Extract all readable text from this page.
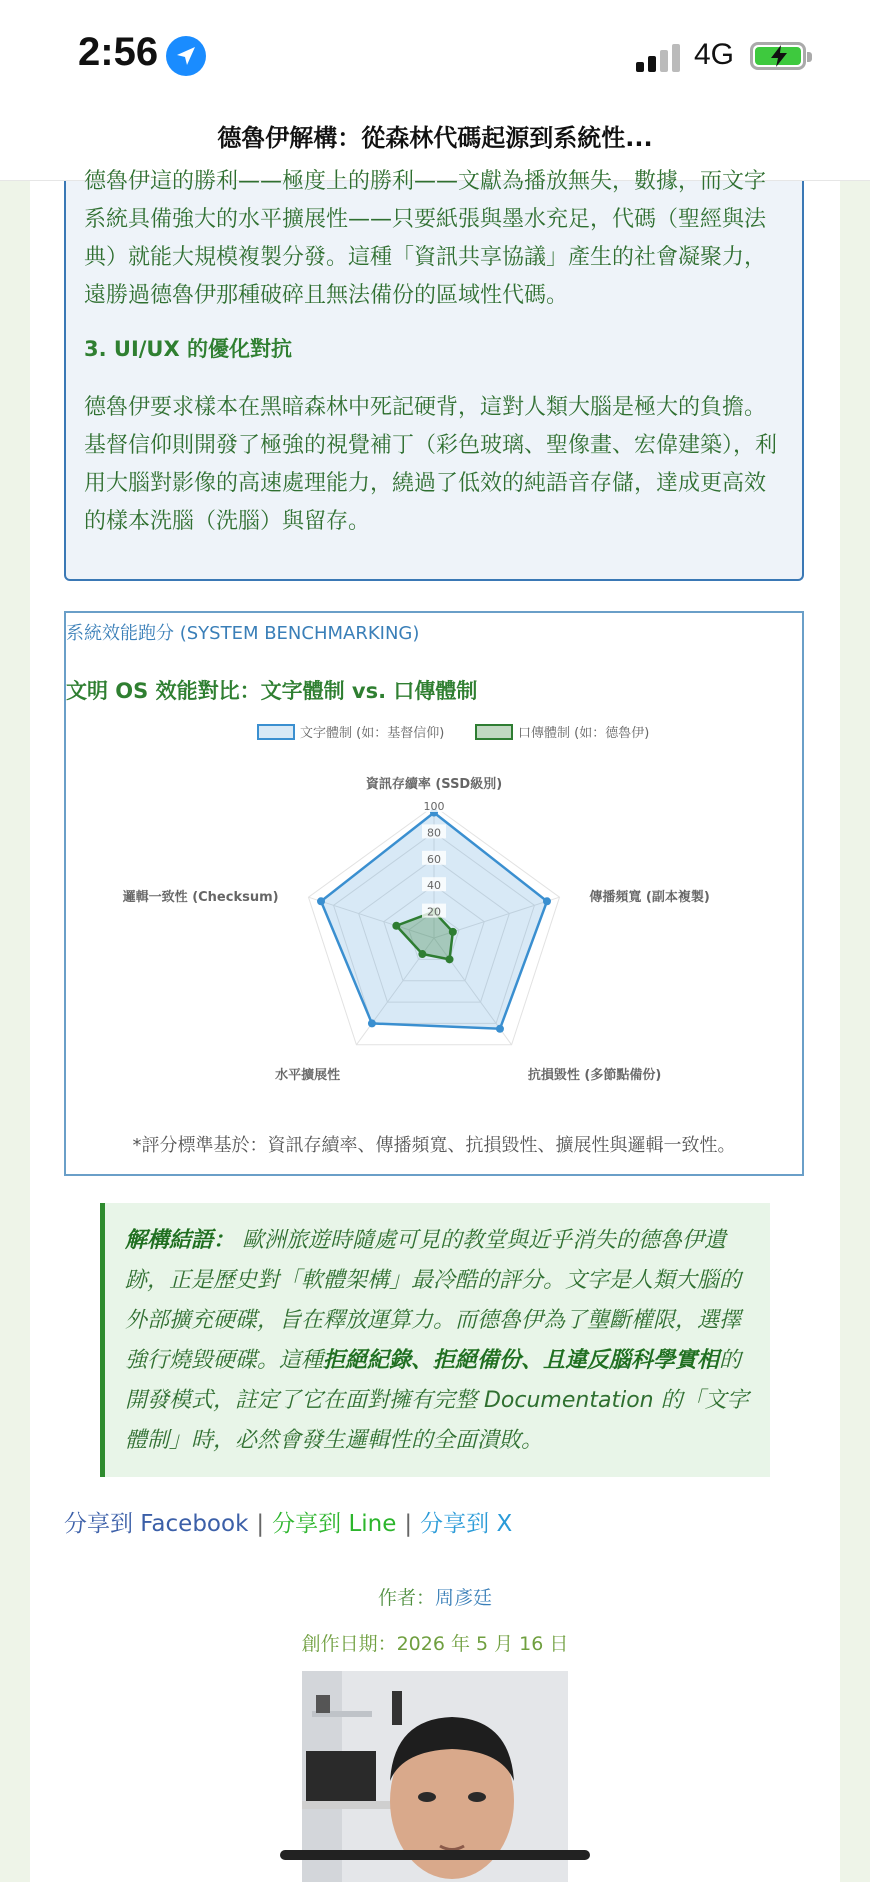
2:56	4G
德魯伊解構：從森林代碼起源到系統性...

德魯伊這的勝利——極度上的勝利——文獻為播放無失，數據，而文字系統具備強大的水平擴展性——只要紙張與墨水充足，代碼（聖經與法典）就能大規模複製分發。這種「資訊共享協議」產生的社會凝聚力，遠勝過德魯伊那種破碎且無法備份的區域性代碼。

3. UI/UX 的優化對抗

德魯伊要求樣本在黑暗森林中死記硬背，這對人類大腦是極大的負擔。基督信仰則開發了極強的視覺補丁（彩色玻璃、聖像畫、宏偉建築），利用大腦對影像的高速處理能力，繞過了低效的純語音存儲，達成更高效的樣本洗腦（洗腦）與留存。

系統效能跑分 (SYSTEM BENCHMARKING)
文明 OS 效能對比：文字體制 vs. 口傳體制
20
40
60
80
100
資訊存續率 (SSD級別)
傳播頻寬 (副本複製)
抗損毀性 (多節點備份)
水平擴展性
邏輯一致性 (Checksum)
文字體制 (如：基督信仰)	口傳體制 (如：德魯伊)
*評分標準基於：資訊存續率、傳播頻寬、抗損毀性、擴展性與邏輯一致性。
解構結語： 歐洲旅遊時隨處可見的教堂與近乎消失的德魯伊遺跡，正是歷史對「軟體架構」最冷酷的評分。文字是人類大腦的外部擴充硬碟，旨在釋放運算力。而德魯伊為了壟斷權限，選擇強行燒毀硬碟。這種拒絕紀錄、拒絕備份、且違反腦科學實相的開發模式，註定了它在面對擁有完整 Documentation 的「文字體制」時，必然會發生邏輯性的全面潰敗。
分享到 Facebook | 分享到 Line | 分享到 X
作者：周彥廷
創作日期：2026 年 5 月 16 日
